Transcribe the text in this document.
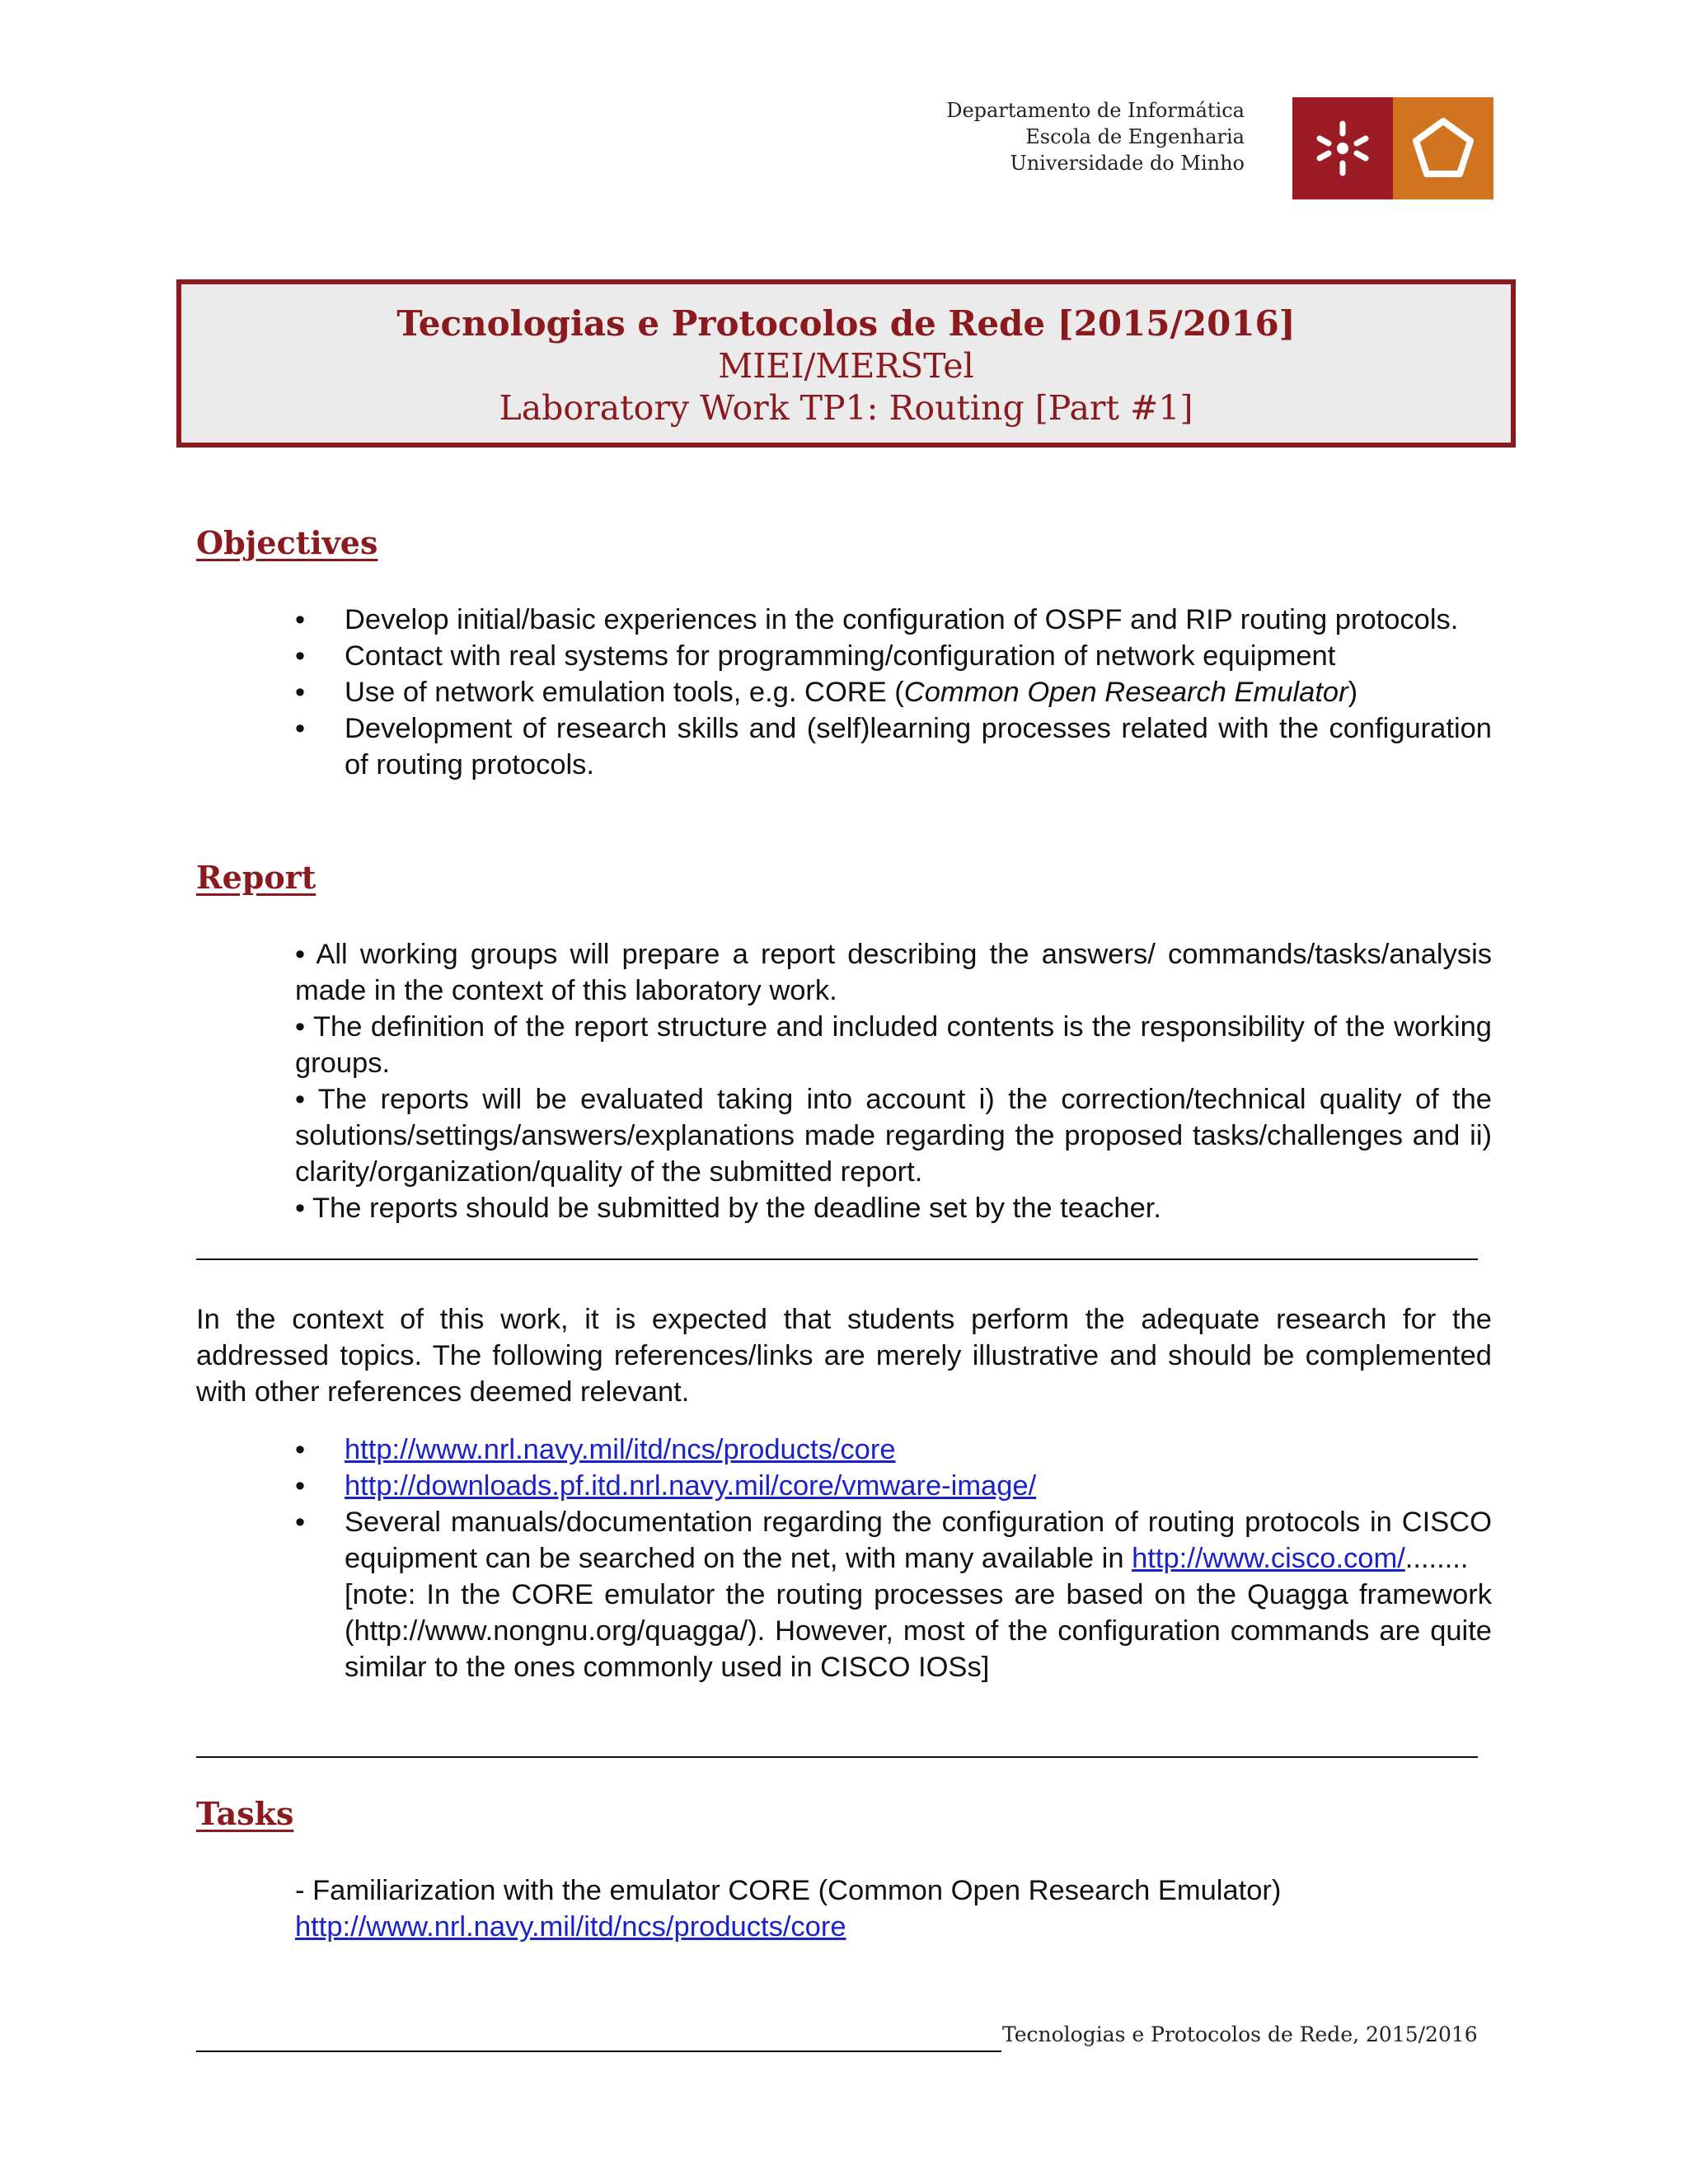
Departamento de Informática
Escola de Engenharia
Universidade do Minho
Tecnologias e Protocolos de Rede [2015/2016]
MIEI/MERSTel
Laboratory Work TP1: Routing [Part #1]
Objectives
• Develop initial/basic experiences in the configuration of OSPF and RIP routing protocols.
• Contact with real systems for programming/configuration of network equipment
• Use of network emulation tools, e.g. CORE (Common Open Research Emulator)
• Development of research skills and (self)learning processes related with the configuration of routing protocols.
Report
• All working groups will prepare a report describing the answers/ commands/tasks/analysis made in the context of this laboratory work.
• The definition of the report structure and included contents is the responsibility of the working groups.
• The reports will be evaluated taking into account i) the correction/technical quality of the solutions/settings/answers/explanations made regarding the proposed tasks/challenges and ii) clarity/organization/quality of the submitted report.
• The reports should be submitted by the deadline set by the teacher.
In the context of this work, it is expected that students perform the adequate research for the addressed topics. The following references/links are merely illustrative and should be complemented with other references deemed relevant.
• http://www.nrl.navy.mil/itd/ncs/products/core
• http://downloads.pf.itd.nrl.navy.mil/core/vmware-image/
• Several manuals/documentation regarding the configuration of routing protocols in CISCO equipment can be searched on the net, with many available in http://www.cisco.com/........
[note: In the CORE emulator the routing processes are based on the Quagga framework (http://www.nongnu.org/quagga/). However, most of the configuration commands are quite similar to the ones commonly used in CISCO IOSs]
Tasks
- Familiarization with the emulator CORE (Common Open Research Emulator)
http://www.nrl.navy.mil/itd/ncs/products/core
Tecnologias e Protocolos de Rede, 2015/2016
